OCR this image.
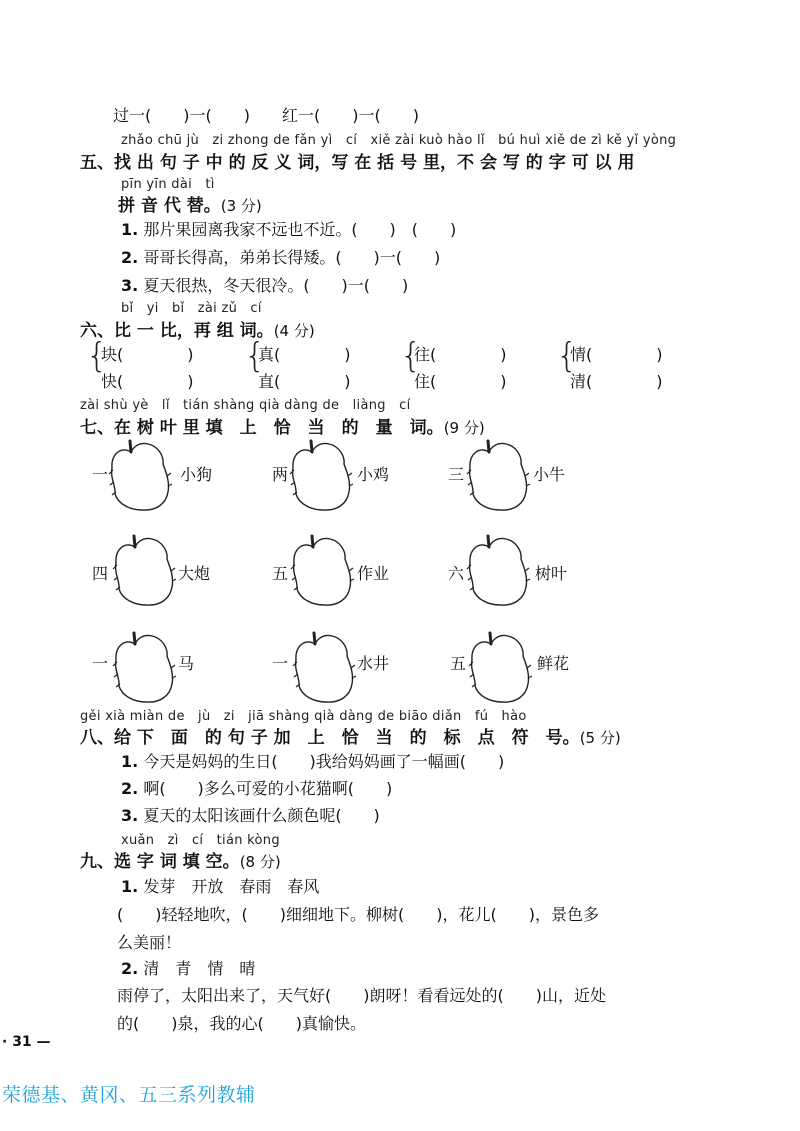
过一(　　)一(　　)　　红一(　　)一(　　)
zhǎo chū jù　zi zhong de fǎn yì　cí　xiě zài kuò hào lǐ　bú huì xiě de zì kě yǐ yòng
五、找 出 句 子 中 的 反 义 词，写 在 括 号 里，不 会 写 的 字 可 以 用
pīn yīn dài　tì
拼 音 代 替。(3 分)
1. 那片果园离我家不远也不近。(　　)　(　　)
2. 哥哥长得高，弟弟长得矮。(　　)一(　　)
3. 夏天很热，冬天很冷。(　　)一(　　)
bǐ　yi　bǐ　zài zǔ　cí
六、比 一 比，再 组 词。(4 分)
{
块(　　　　)
快(　　　　)
{
真(　　　　)
直(　　　　)
{
往(　　　　)
住(　　　　)
{
情(　　　　)
清(　　　　)
zài shù yè　lǐ　tián shàng qià dàng de　liàng　cí
七、在 树 叶 里 填　上　恰　当　的　量　词。(9 分)
一	小狗	两	小鸡	三	小牛
四	大炮	五	作业	六	树叶
一	马	一	水井	五	鲜花
gěi xià miàn de　jù　zi　jiā shàng qià dàng de biāo diǎn　fú　hào
八、给 下　面　的 句 子 加　上　恰　当　的　标　点　符　号。(5 分)
1. 今天是妈妈的生日(　　)我给妈妈画了一幅画(　　)
2. 啊(　　)多么可爱的小花猫啊(　　)
3. 夏天的太阳该画什么颜色呢(　　)
xuǎn　zì　cí　tián kòng
九、选 字 词 填 空。(8 分)
1. 发芽　开放　春雨　春风
(　　)轻轻地吹，(　　)细细地下。柳树(　　)，花儿(　　)，景色多
么美丽！
2. 清　青　情　晴
雨停了，太阳出来了，天气好(　　)朗呀！看看远处的(　　)山，近处
的(　　)泉，我的心(　　)真愉快。
· 31 —
荣德基、黄冈、五三系列教辅
